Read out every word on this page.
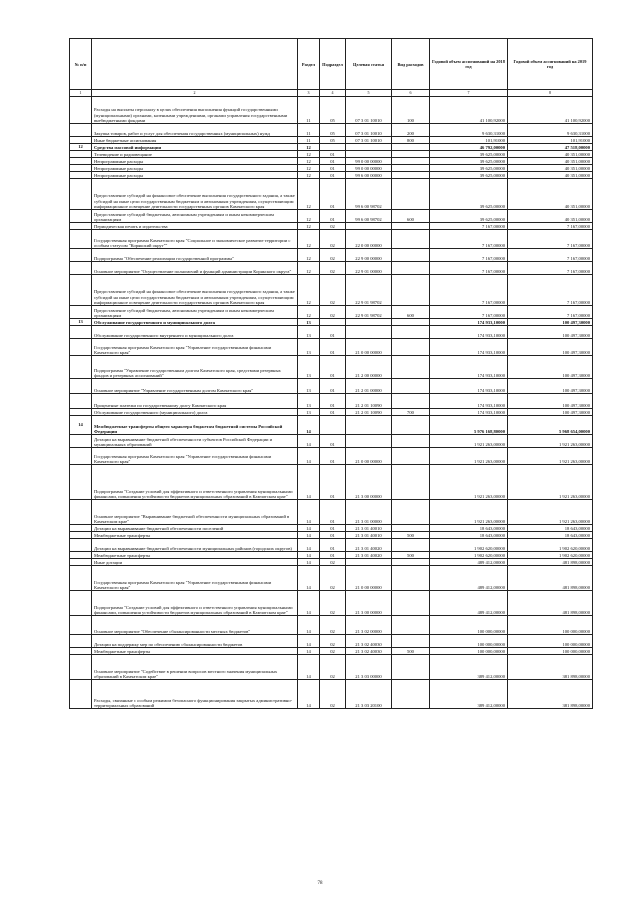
№ п/п		Раздел	Подраздел	Целевая статья	Вид расходов	Годовой объем ассигнований на 2018 год	Годовой объем ассигнований на 2019 год
1	2	3	4	5	6	7	8
	Расходы на выплаты персоналу в целях обеспечения выполнения функций государственными (муниципальными) органами, казенными учреждениями, органами управления государственными внебюджетными фондами	11	05	07 3 01 10010	100	41 100,92000	41 100,92000
	Закупка товаров, работ и услуг для обеспечения государственных (муниципальных) нужд	11	05	07 3 01 10010	200	9 630,31000	9 630,31000
	Иные бюджетные ассигнования	11	05	07 3 01 10010	800	101,91000	101,91000
12	Средства массовой информации	12				46 792,00000	47 518,00000
	Телевидение и радиовещание	12	01			39 625,00000	40 351,00000
	Непрограммные расходы	12	01	99 0 00 00000		39 625,00000	40 351,00000
	Непрограммные расходы	12	01	99 0 00 00000		39 625,00000	40 351,00000
	Непрограммные расходы	12	01	99 6 00 00000		39 625,00000	40 351,00000
	Предоставление субсидий на финансовое обеспечение выполнения государственного задания, а также субсидий на иные цели государственным бюджетным и автономным учреждениям, осуществляющим информационное освещение деятельности государственных органов Камчатского края	12	01	99 6 00 98702		39 625,00000	40 351,00000
	Предоставление субсидий бюджетным, автономным учреждениям и иным некоммерческим организациям	12	01	99 6 00 98702	600	39 625,00000	40 351,00000
	Периодическая печать и издательства	12	02			7 167,00000	7 167,00000
	Государственная программа Камчатского края "Социальное и экономическое развитие территории с особым статусом "Корякский округ""	12	02	22 0 00 00000		7 167,00000	7 167,00000
	Подпрограмма "Обеспечение реализации государственной программы"	12	02	22 9 00 00000		7 167,00000	7 167,00000
	Основное мероприятие "Осуществление полномочий и функций администрации Корякского округа"	12	02	22 9 01 00000		7 167,00000	7 167,00000
	Предоставление субсидий на финансовое обеспечение выполнения государственного задания, а также субсидий на иные цели государственным бюджетным и автономным учреждениям, осуществляющим информационное освещение деятельности государственных органов Камчатского края	12	02	22 9 01 98702		7 167,00000	7 167,00000
	Предоставление субсидий бюджетным, автономным учреждениям и иным некоммерческим организациям	12	02	22 9 01 98702	600	7 167,00000	7 167,00000
13	Обслуживание государственного и муниципального долга	13				174 933,10000	100 497,30000
	Обслуживание государственного внутреннего и муниципального долга	13	01			174 933,10000	100 497,30000
	Государственная программа Камчатского края "Управление государственными финансами Камчатского края"	13	01	21 0 00 00000		174 933,10000	100 497,30000
	Подпрограмма "Управление государственным долгом Камчатского края, средствами резервных фондов и резервных ассигнований"	13	01	21 2 00 00000		174 933,10000	100 497,30000
	Основное мероприятие "Управление государственным долгом Камчатского края"	13	01	21 2 01 00000		174 933,10000	100 497,30000
	Процентные платежи по государственному долгу Камчатского края	13	01	21 2 01 10090		174 933,10000	100 497,30000
	Обслуживание государственного (муниципального) долга	13	01	21 2 01 10090	700	174 933,10000	100 497,30000
14	Межбюджетные трансферты общего характера бюджетам бюджетной системы Российской Федерации	14				5 976 168,80000	5 968 654,00000
	Дотации на выравнивание бюджетной обеспеченности субъектов Российской Федерации и муниципальных образований	14	01			1 921 263,00000	1 921 263,00000
	Государственная программа Камчатского края "Управление государственными финансами Камчатского края"	14	01	21 0 00 00000		1 921 263,00000	1 921 263,00000
	Подпрограмма "Создание условий для эффективного и ответственного управления муниципальными финансами, повышения устойчивости бюджетов муниципальных образований в Камчатском крае"	14	01	21 3 00 00000		1 921 263,00000	1 921 263,00000
	Основное мероприятие "Выравнивание бюджетной обеспеченности муниципальных образований в Камчатском крае"	14	01	21 3 01 00000		1 921 263,00000	1 921 263,00000
	Дотации на выравнивание бюджетной обеспеченности поселений	14	01	21 3 01 40010		18 643,00000	18 643,00000
	Межбюджетные трансферты	14	01	21 3 01 40010	500	18 643,00000	18 643,00000
	Дотации на выравнивание бюджетной обеспеченности муниципальных районов (городских округов)	14	01	21 3 01 40020		1 902 620,00000	1 902 620,00000
	Межбюджетные трансферты	14	01	21 3 01 40020	500	1 902 620,00000	1 902 620,00000
	Иные дотации	14	02			489 412,00000	481 898,00000
	Государственная программа Камчатского края "Управление государственными финансами Камчатского края"	14	02	21 0 00 00000		489 412,00000	481 898,00000
	Подпрограмма "Создание условий для эффективного и ответственного управления муниципальными финансами, повышения устойчивости бюджетов муниципальных образований в Камчатском крае"	14	02	21 3 00 00000		489 412,00000	481 898,00000
	Основное мероприятие "Обеспечение сбалансированности местных бюджетов"	14	02	21 3 02 00000		100 000,00000	100 000,00000
	Дотации на поддержку мер по обеспечению сбалансированности бюджетов	14	02	21 3 02 40030		100 000,00000	100 000,00000
	Межбюджетные трансферты	14	02	21 3 02 40030	500	100 000,00000	100 000,00000
	Основное мероприятие "Содействие в решении вопросов местного значения муниципальных образований в Камчатском крае"	14	02	21 3 03 00000		389 412,00000	381 898,00000
	Расходы, связанные с особым режимом безопасного функционирования закрытых административно-территориальных образований	14	02	21 3 03 20100		389 412,00000	381 898,00000
78
